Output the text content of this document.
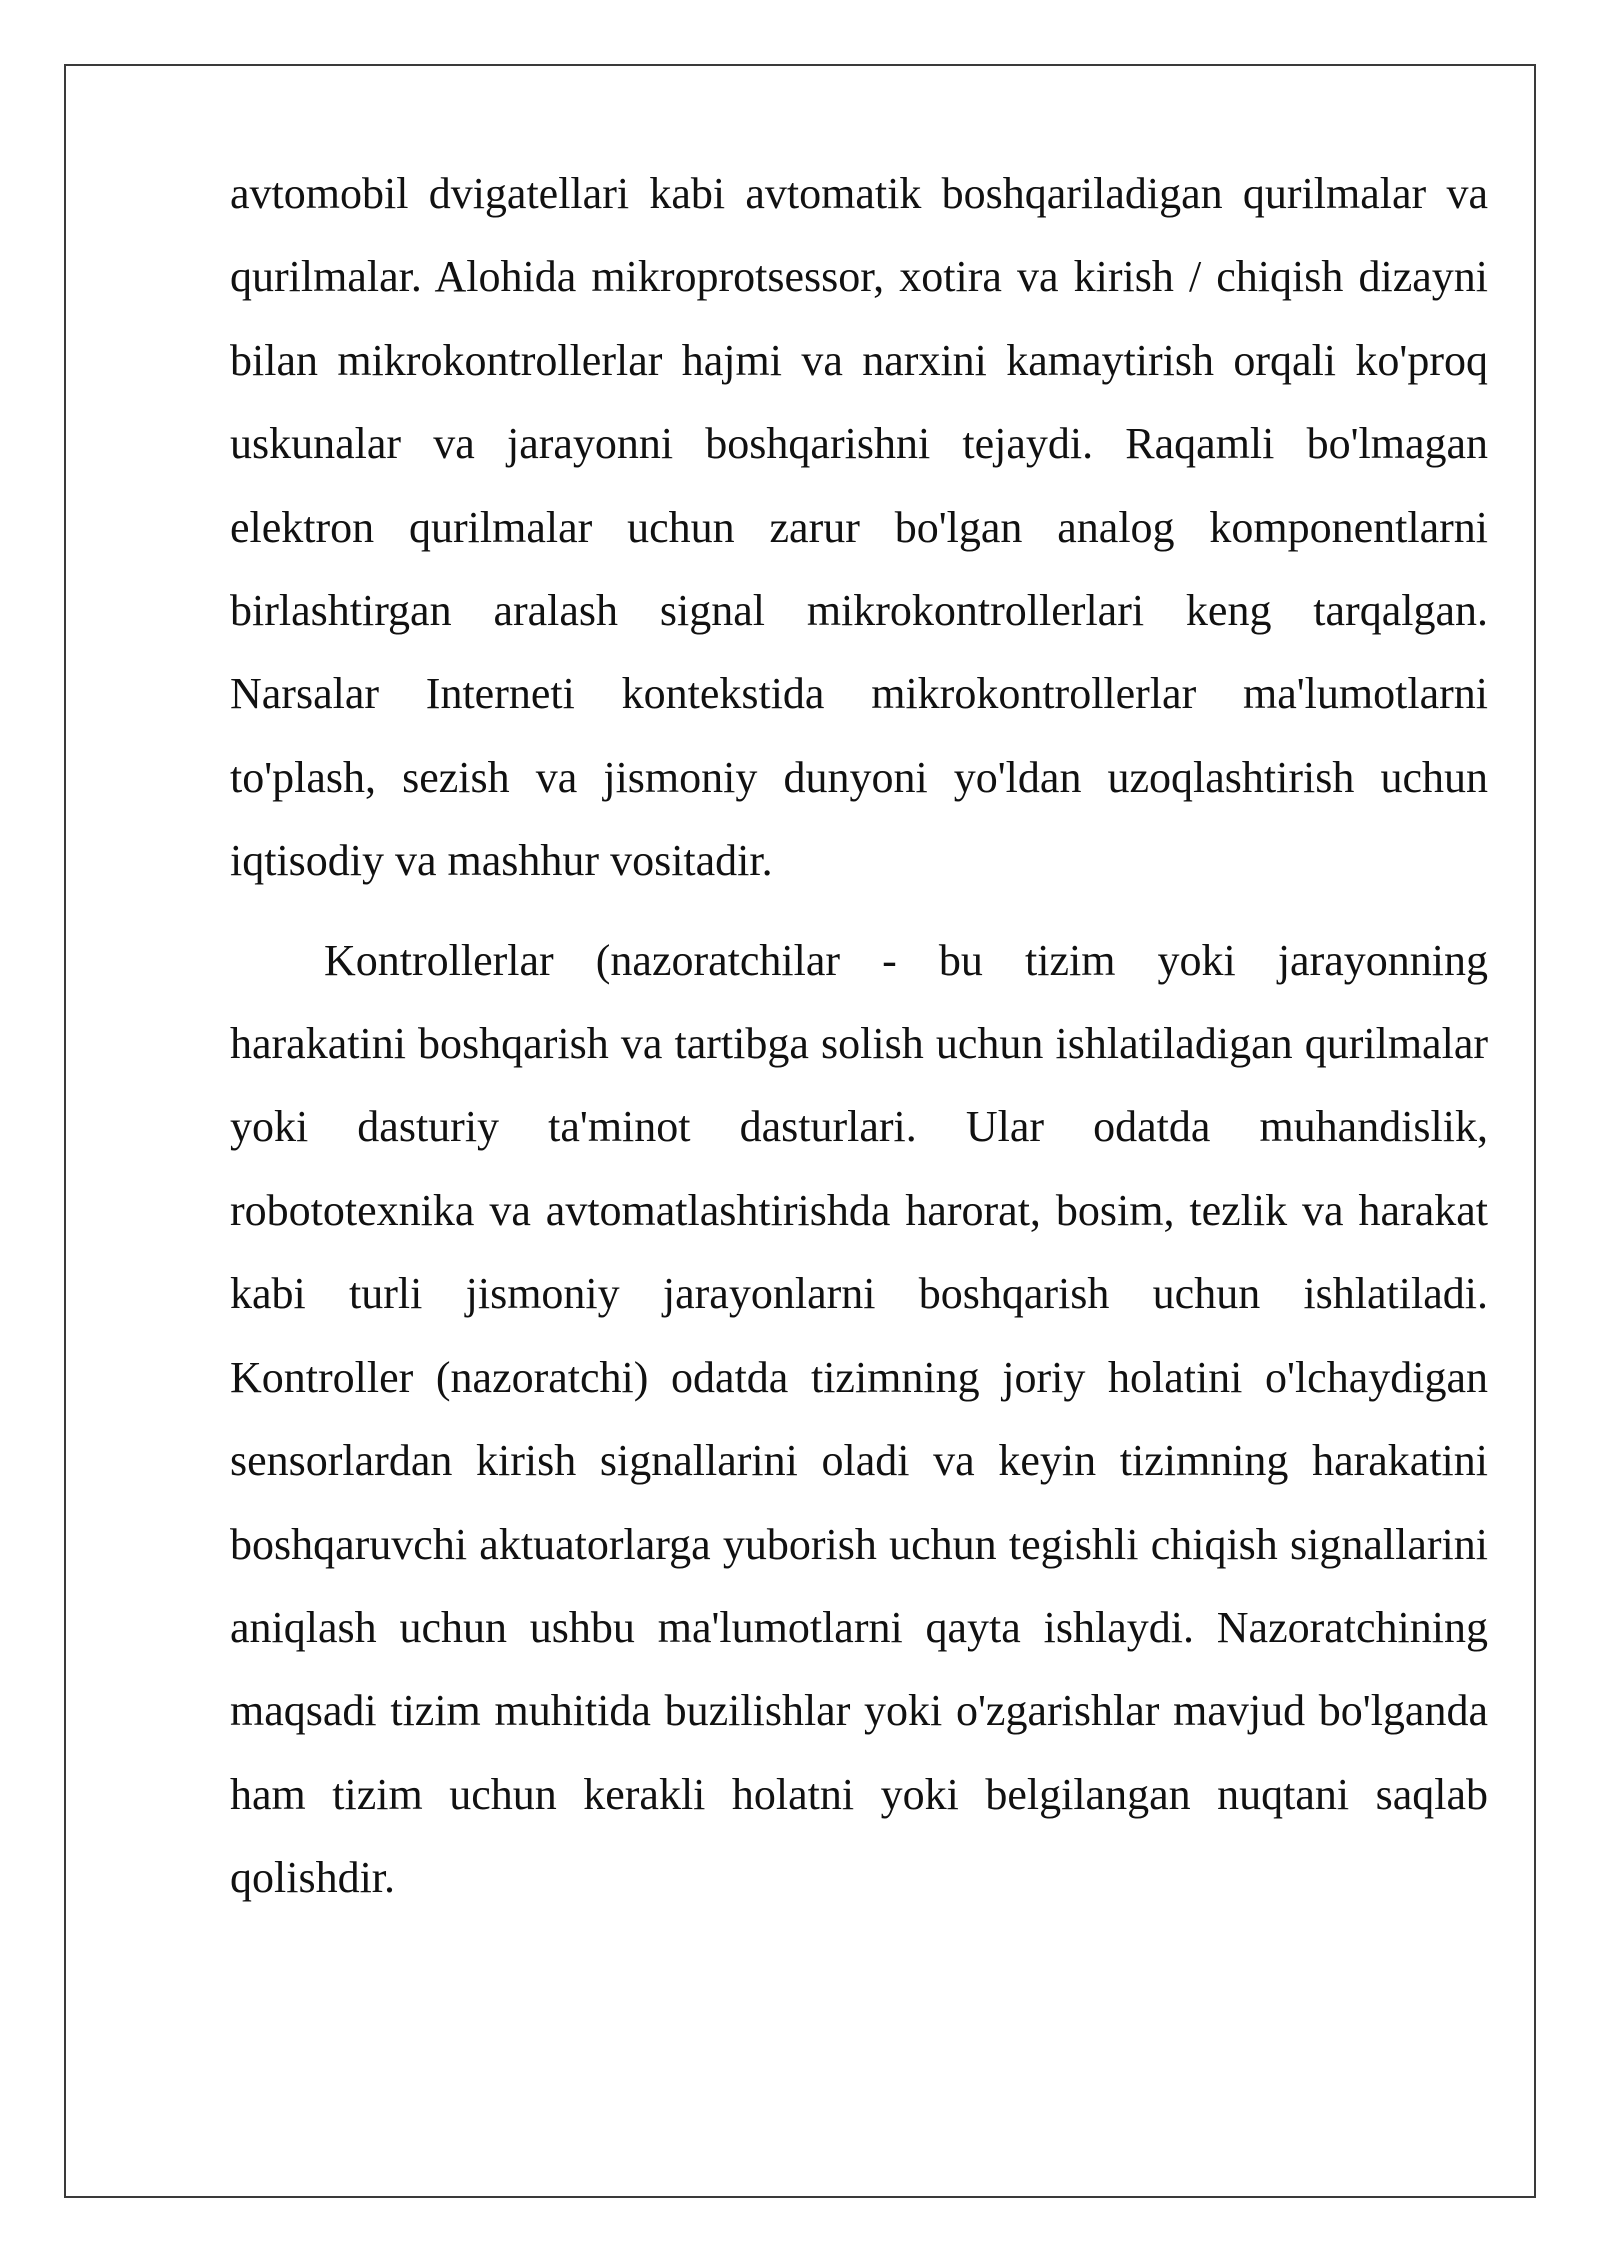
avtomobil dvigatellari kabi avtomatik boshqariladigan qurilmalar va qurilmalar. Alohida mikroprotsessor, xotira va kirish / chiqish dizayni bilan mikrokontrollerlar hajmi va narxini kamaytirish orqali ko'proq uskunalar va jarayonni boshqarishni tejaydi. Raqamli bo'lmagan elektron qurilmalar uchun zarur bo'lgan analog komponentlarni birlashtirgan aralash signal mikrokontrollerlari keng tarqalgan. Narsalar Interneti kontekstida mikrokontrollerlar ma'lumotlarni to'plash, sezish va jismoniy dunyoni yo'ldan uzoqlashtirish uchun iqtisodiy va mashhur vositadir.

Kontrollerlar (nazoratchilar - bu tizim yoki jarayonning harakatini boshqarish va tartibga solish uchun ishlatiladigan qurilmalar yoki dasturiy ta'minot dasturlari. Ular odatda muhandislik, robototexnika va avtomatlashtirishda harorat, bosim, tezlik va harakat kabi turli jismoniy jarayonlarni boshqarish uchun ishlatiladi. Kontroller (nazoratchi) odatda tizimning joriy holatini o'lchaydigan sensorlardan kirish signallarini oladi va keyin tizimning harakatini boshqaruvchi aktuatorlarga yuborish uchun tegishli chiqish signallarini aniqlash uchun ushbu ma'lumotlarni qayta ishlaydi. Nazoratchining maqsadi tizim muhitida buzilishlar yoki o'zgarishlar mavjud bo'lganda ham tizim uchun kerakli holatni yoki belgilangan nuqtani saqlab qolishdir.
